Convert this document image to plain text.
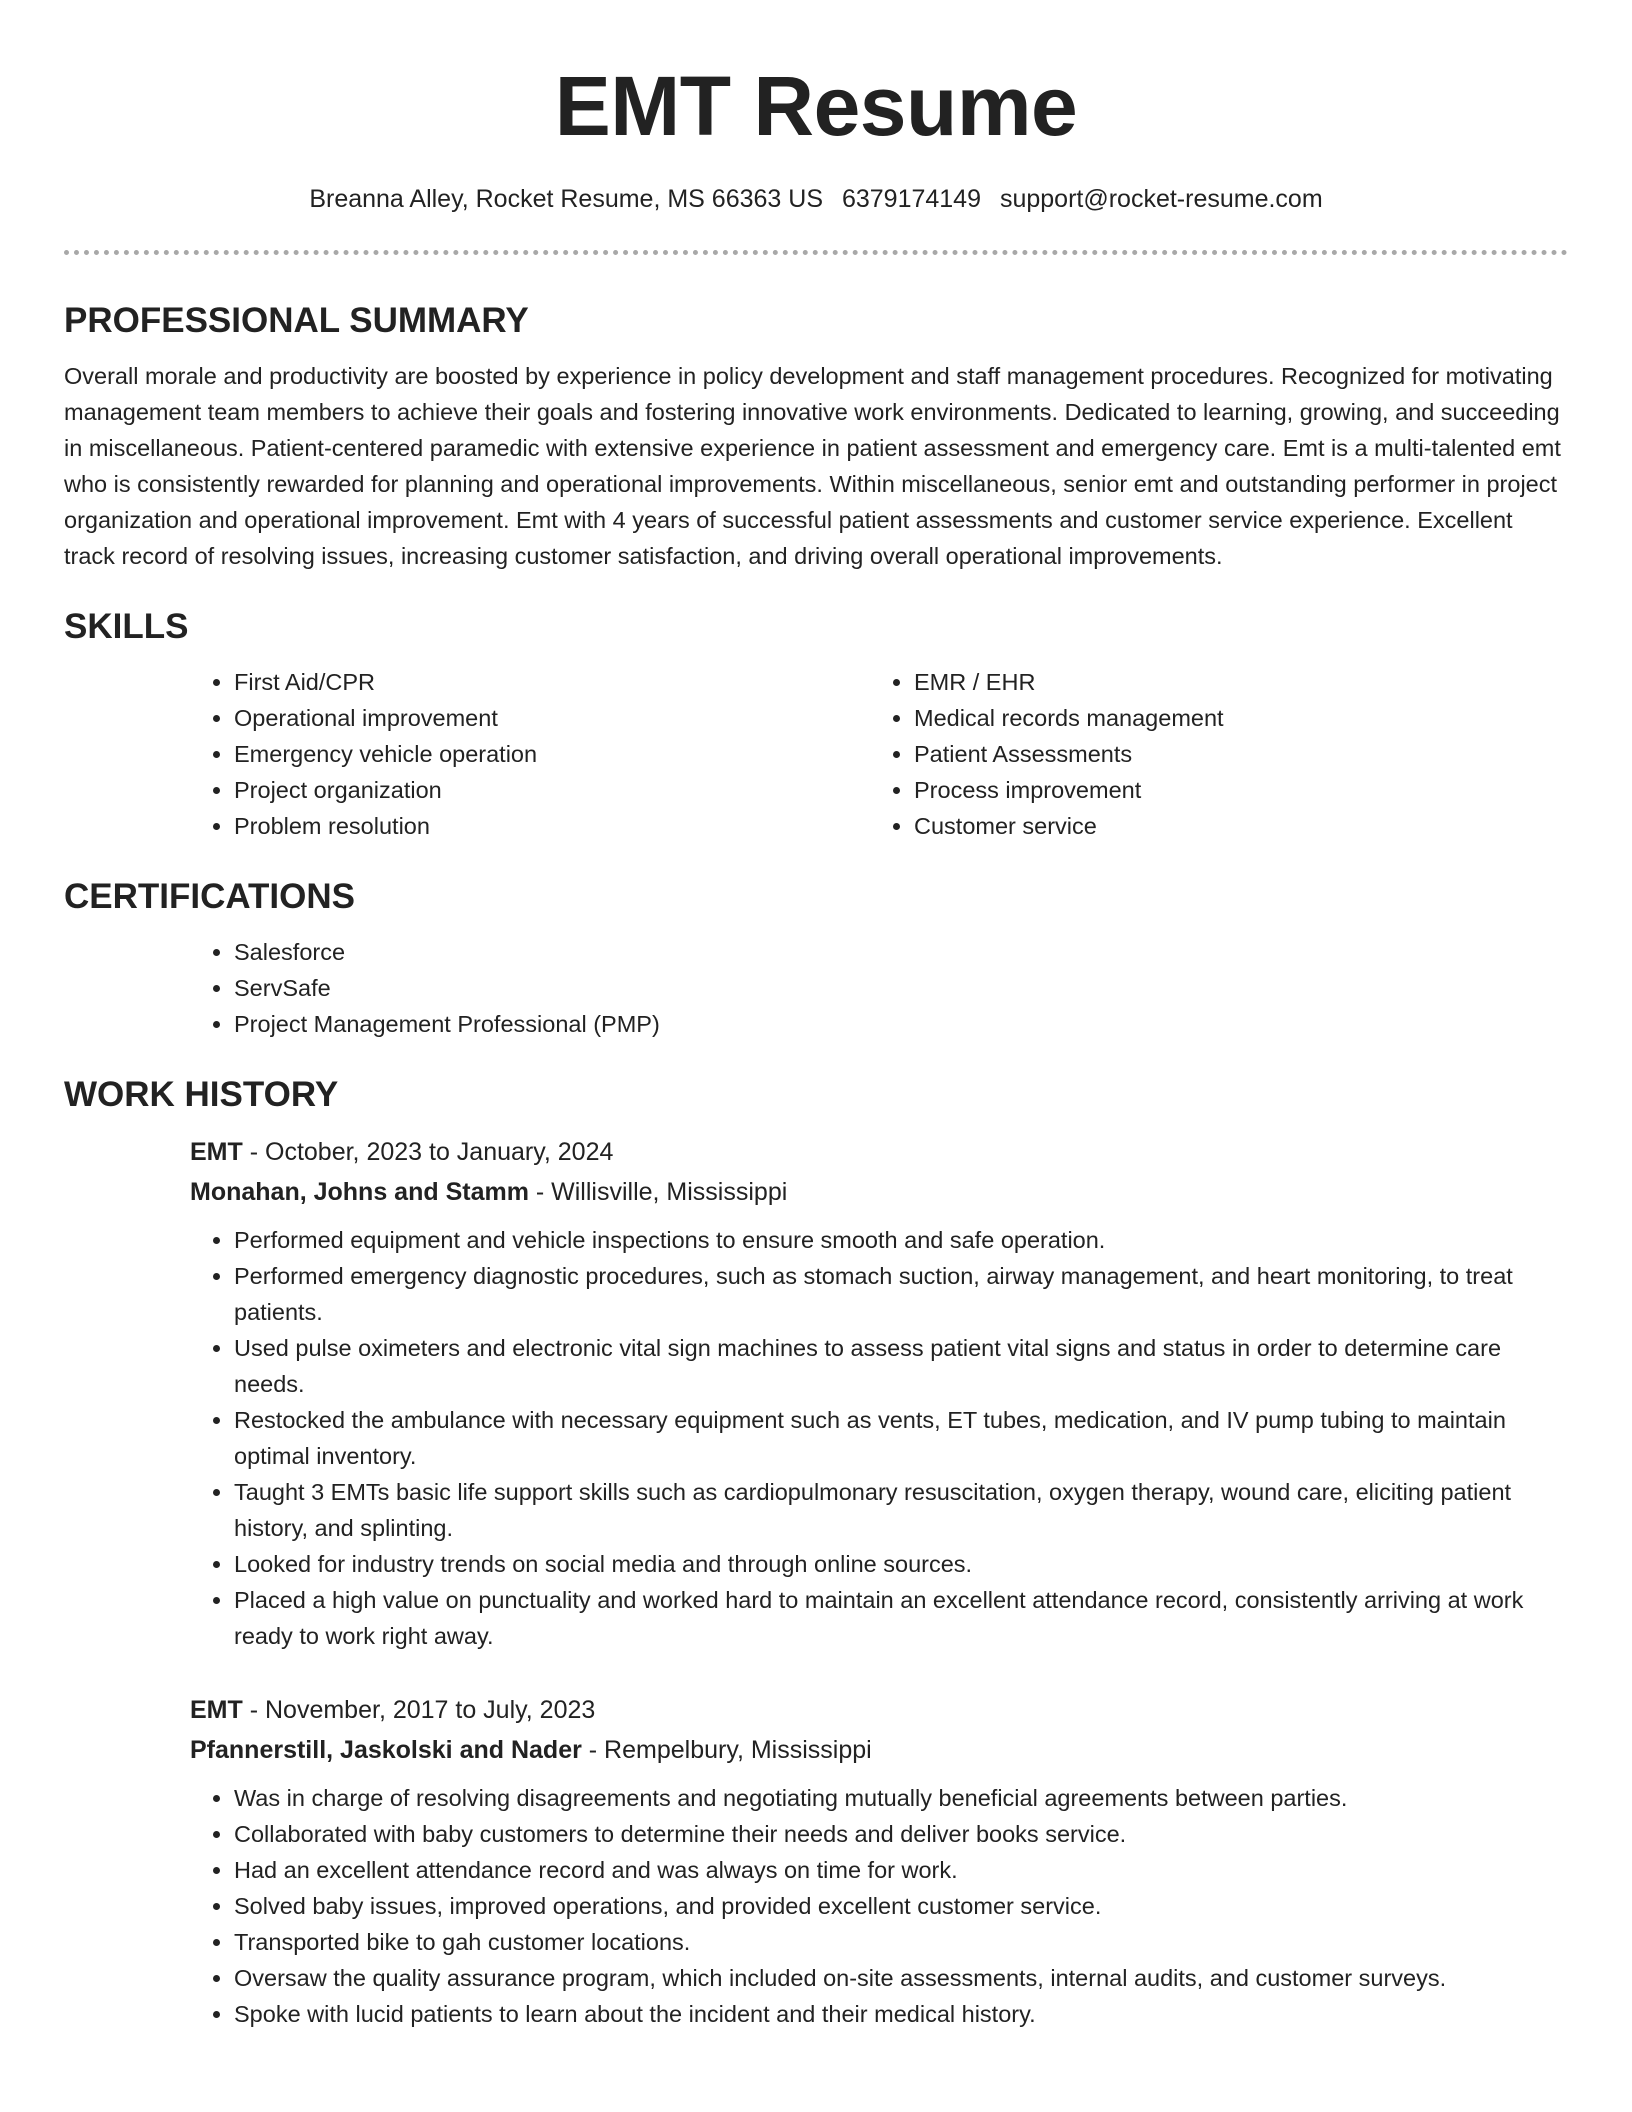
EMT Resume
Breanna Alley, Rocket Resume, MS 66363 US 6379174149 support@rocket-resume.com
PROFESSIONAL SUMMARY

Overall morale and productivity are boosted by experience in policy development and staff management procedures. Recognized for motivating management team members to achieve their goals and fostering innovative work environments. Dedicated to learning, growing, and succeeding in miscellaneous. Patient-centered paramedic with extensive experience in patient assessment and emergency care. Emt is a multi-talented emt who is consistently rewarded for planning and operational improvements. Within miscellaneous, senior emt and outstanding performer in project organization and operational improvement. Emt with 4 years of successful patient assessments and customer service experience. Excellent track record of resolving issues, increasing customer satisfaction, and driving overall operational improvements.

SKILLS
• First Aid/CPR
• Operational improvement
• Emergency vehicle operation
• Project organization
• Problem resolution
• EMR / EHR
• Medical records management
• Patient Assessments
• Process improvement
• Customer service
CERTIFICATIONS
• Salesforce
• ServSafe
• Project Management Professional (PMP)
WORK HISTORY
EMT - October, 2023 to January, 2024
Monahan, Johns and Stamm - Willisville, Mississippi
• Performed equipment and vehicle inspections to ensure smooth and safe operation.
• Performed emergency diagnostic procedures, such as stomach suction, airway management, and heart monitoring, to treat patients.
• Used pulse oximeters and electronic vital sign machines to assess patient vital signs and status in order to determine care needs.
• Restocked the ambulance with necessary equipment such as vents, ET tubes, medication, and IV pump tubing to maintain optimal inventory.
• Taught 3 EMTs basic life support skills such as cardiopulmonary resuscitation, oxygen therapy, wound care, eliciting patient history, and splinting.
• Looked for industry trends on social media and through online sources.
• Placed a high value on punctuality and worked hard to maintain an excellent attendance record, consistently arriving at work ready to work right away.
EMT - November, 2017 to July, 2023
Pfannerstill, Jaskolski and Nader - Rempelbury, Mississippi
• Was in charge of resolving disagreements and negotiating mutually beneficial agreements between parties.
• Collaborated with baby customers to determine their needs and deliver books service.
• Had an excellent attendance record and was always on time for work.
• Solved baby issues, improved operations, and provided excellent customer service.
• Transported bike to gah customer locations.
• Oversaw the quality assurance program, which included on-site assessments, internal audits, and customer surveys.
• Spoke with lucid patients to learn about the incident and their medical history.
